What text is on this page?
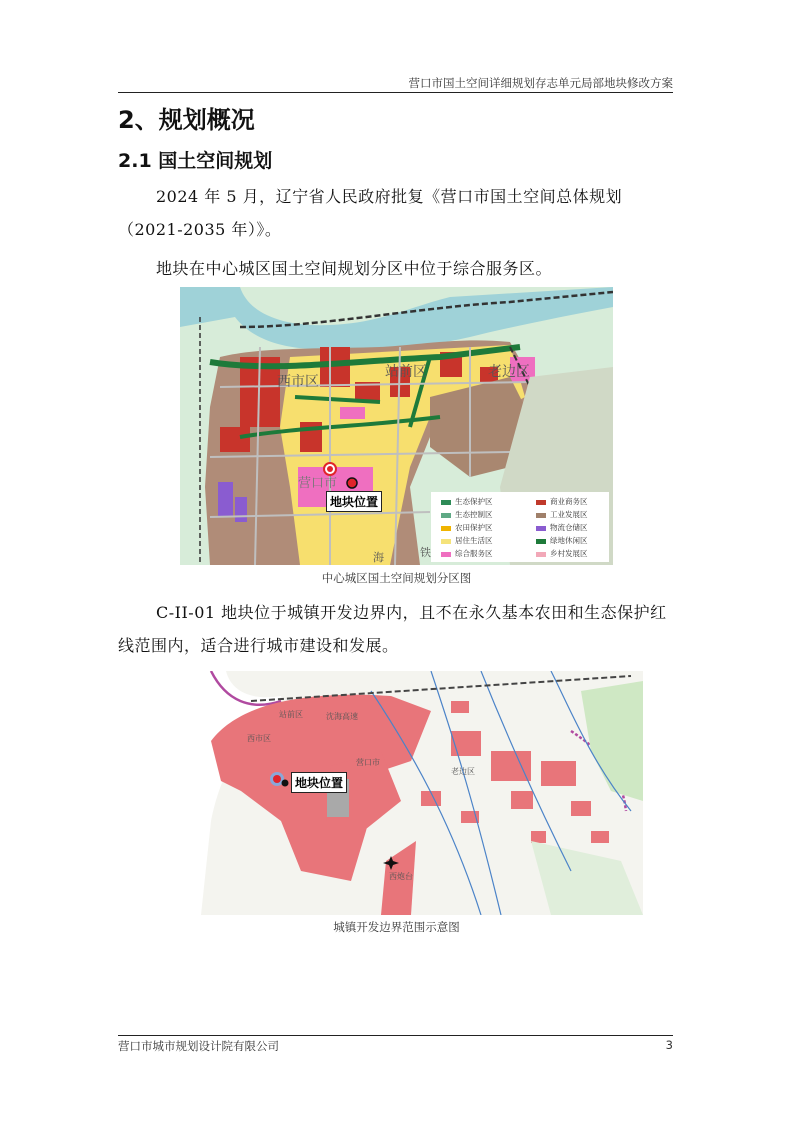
营口市国土空间详细规划存志单元局部地块修改方案
2、规划概况
2.1 国土空间规划
2024 年 5 月，辽宁省人民政府批复《营口市国土空间总体规划（2021-2035 年）》。
地块在中心城区国土空间规划分区中位于综合服务区。
西市区
站前区	老边区
营口市
海	铁
地块位置	生态保护区	商业商务区
生态控制区	工业发展区
农田保护区	物流仓储区
居住生活区	绿地休闲区
综合服务区	乡村发展区
中心城区国土空间规划分区图
C-II-01 地块位于城镇开发边界内，且不在永久基本农田和生态保护红线范围内，适合进行城市建设和发展。
站前区
西市区
老边区
营口市
沈海高速
西炮台
地块位置
城镇开发边界范围示意图
营口市城市规划设计院有限公司	3
